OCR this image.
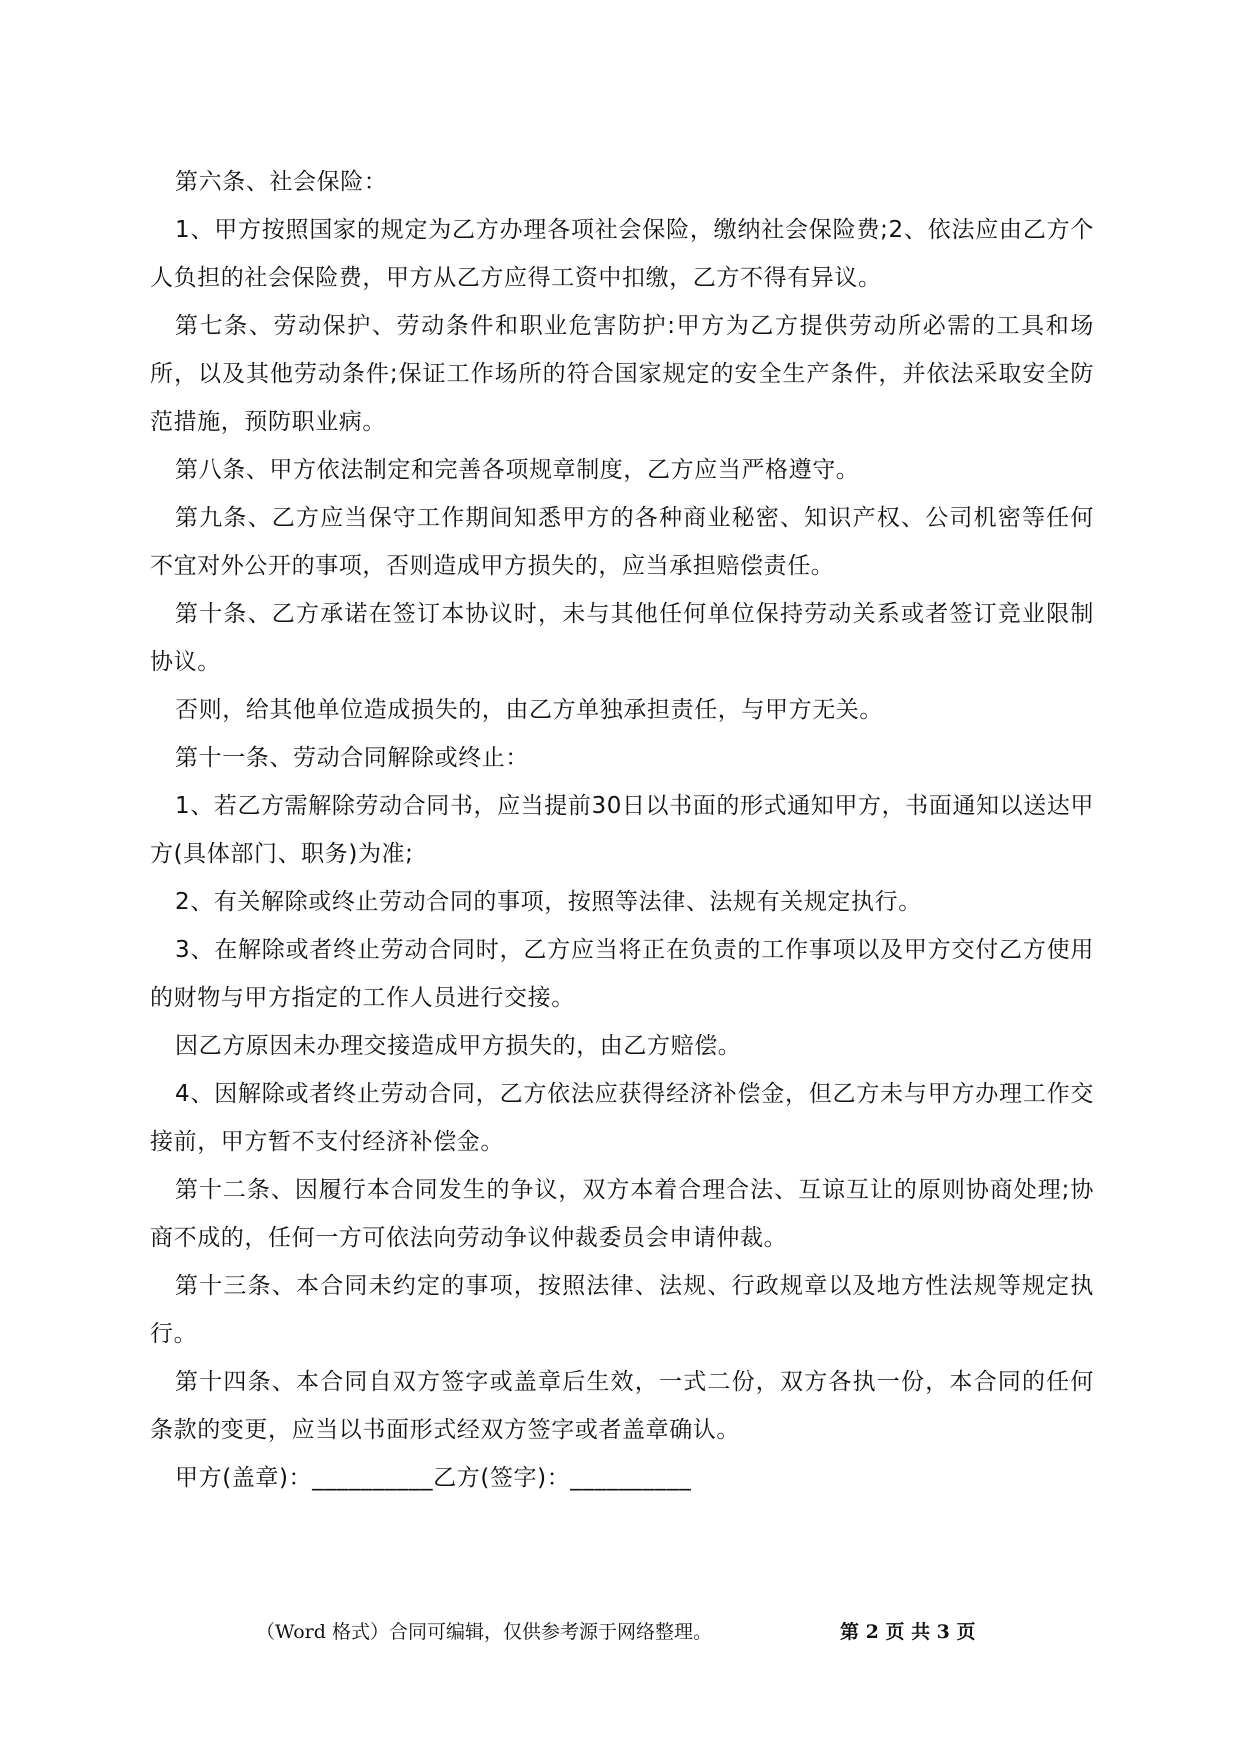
第六条、社会保险：

1、甲方按照国家的规定为乙方办理各项社会保险，缴纳社会保险费;2、依法应由乙方个人负担的社会保险费，甲方从乙方应得工资中扣缴，乙方不得有异议。

第七条、劳动保护、劳动条件和职业危害防护:甲方为乙方提供劳动所必需的工具和场所，以及其他劳动条件;保证工作场所的符合国家规定的安全生产条件，并依法采取安全防范措施，预防职业病。

第八条、甲方依法制定和完善各项规章制度，乙方应当严格遵守。

第九条、乙方应当保守工作期间知悉甲方的各种商业秘密、知识产权、公司机密等任何不宜对外公开的事项，否则造成甲方损失的，应当承担赔偿责任。

第十条、乙方承诺在签订本协议时，未与其他任何单位保持劳动关系或者签订竞业限制协议。

否则，给其他单位造成损失的，由乙方单独承担责任，与甲方无关。

第十一条、劳动合同解除或终止：

1、若乙方需解除劳动合同书，应当提前30日以书面的形式通知甲方，书面通知以送达甲方(具体部门、职务)为准;

2、有关解除或终止劳动合同的事项，按照等法律、法规有关规定执行。

3、在解除或者终止劳动合同时，乙方应当将正在负责的工作事项以及甲方交付乙方使用的财物与甲方指定的工作人员进行交接。

因乙方原因未办理交接造成甲方损失的，由乙方赔偿。

4、因解除或者终止劳动合同，乙方依法应获得经济补偿金，但乙方未与甲方办理工作交接前，甲方暂不支付经济补偿金。

第十二条、因履行本合同发生的争议，双方本着合理合法、互谅互让的原则协商处理;协商不成的，任何一方可依法向劳动争议仲裁委员会申请仲裁。

第十三条、本合同未约定的事项，按照法律、法规、行政规章以及地方性法规等规定执行。

第十四条、本合同自双方签字或盖章后生效，一式二份，双方各执一份，本合同的任何条款的变更，应当以书面形式经双方签字或者盖章确认。

甲方(盖章)：__________乙方(签字)：__________

（Word 格式）合同可编辑，仅供参考源于网络整理。	第 2 页 共 3 页
